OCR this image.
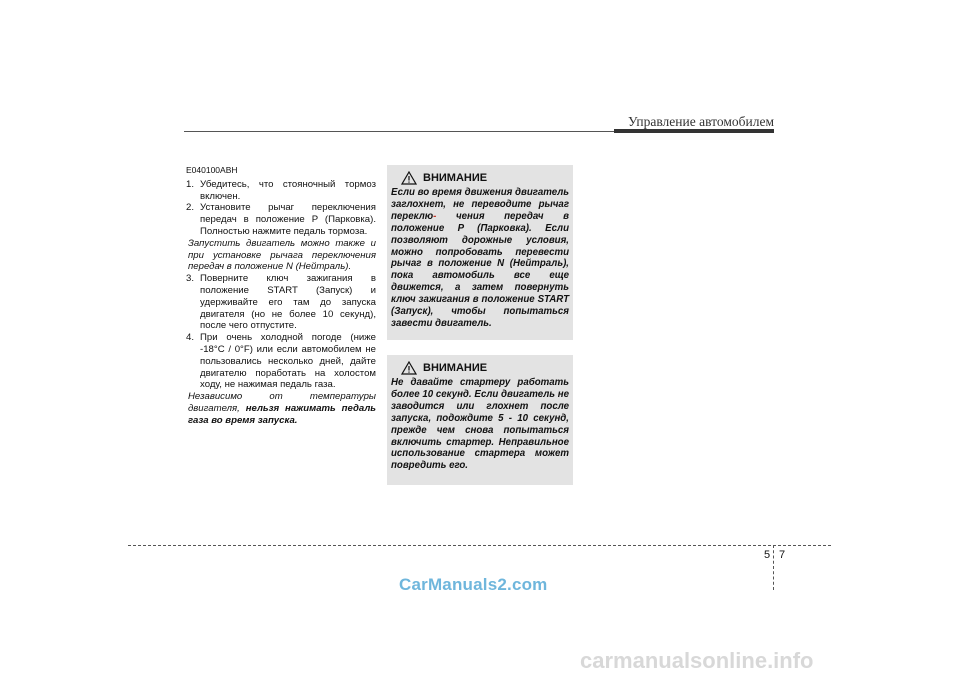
Управление автомобилем
E040100ABH
1. Убедитесь, что стояночный тормоз включен.
2. Установите рычаг переключения передач в положение P (Парковка). Полностью нажмите педаль тормоза.
Запустить двигатель можно также и при установке рычага переключения передач в положение N (Нейтраль).
3. Поверните ключ зажигания в положение START (Запуск) и удерживайте его там до запуска двигателя (но не более 10 секунд), после чего отпустите.
4. При очень холодной погоде (ниже -18°C / 0°F) или если автомобилем не пользовались несколько дней, дайте двигателю поработать на холостом ходу, не нажимая педаль газа.
Независимо от температуры двигателя, нельзя нажимать педаль газа во время запуска.
ВНИМАНИЕ
Если во время движения двигатель заглохнет, не переводите рычаг переклю- чения передач в положение P (Парковка). Если позволяют дорожные условия, можно попробовать перевести рычаг в положение N (Нейтраль), пока автомобиль все еще движется, а затем повернуть ключ зажигания в положение START (Запуск), чтобы попытаться завести двигатель.
ВНИМАНИЕ
Не давайте стартеру работать более 10 секунд. Если двигатель не заводится или глохнет после запуска, подождите 5 - 10 секунд, прежде чем снова попытаться включить стартер. Неправильное использование стартера может повредить его.
5 7
CarManuals2.com
carmanualsonline.info
